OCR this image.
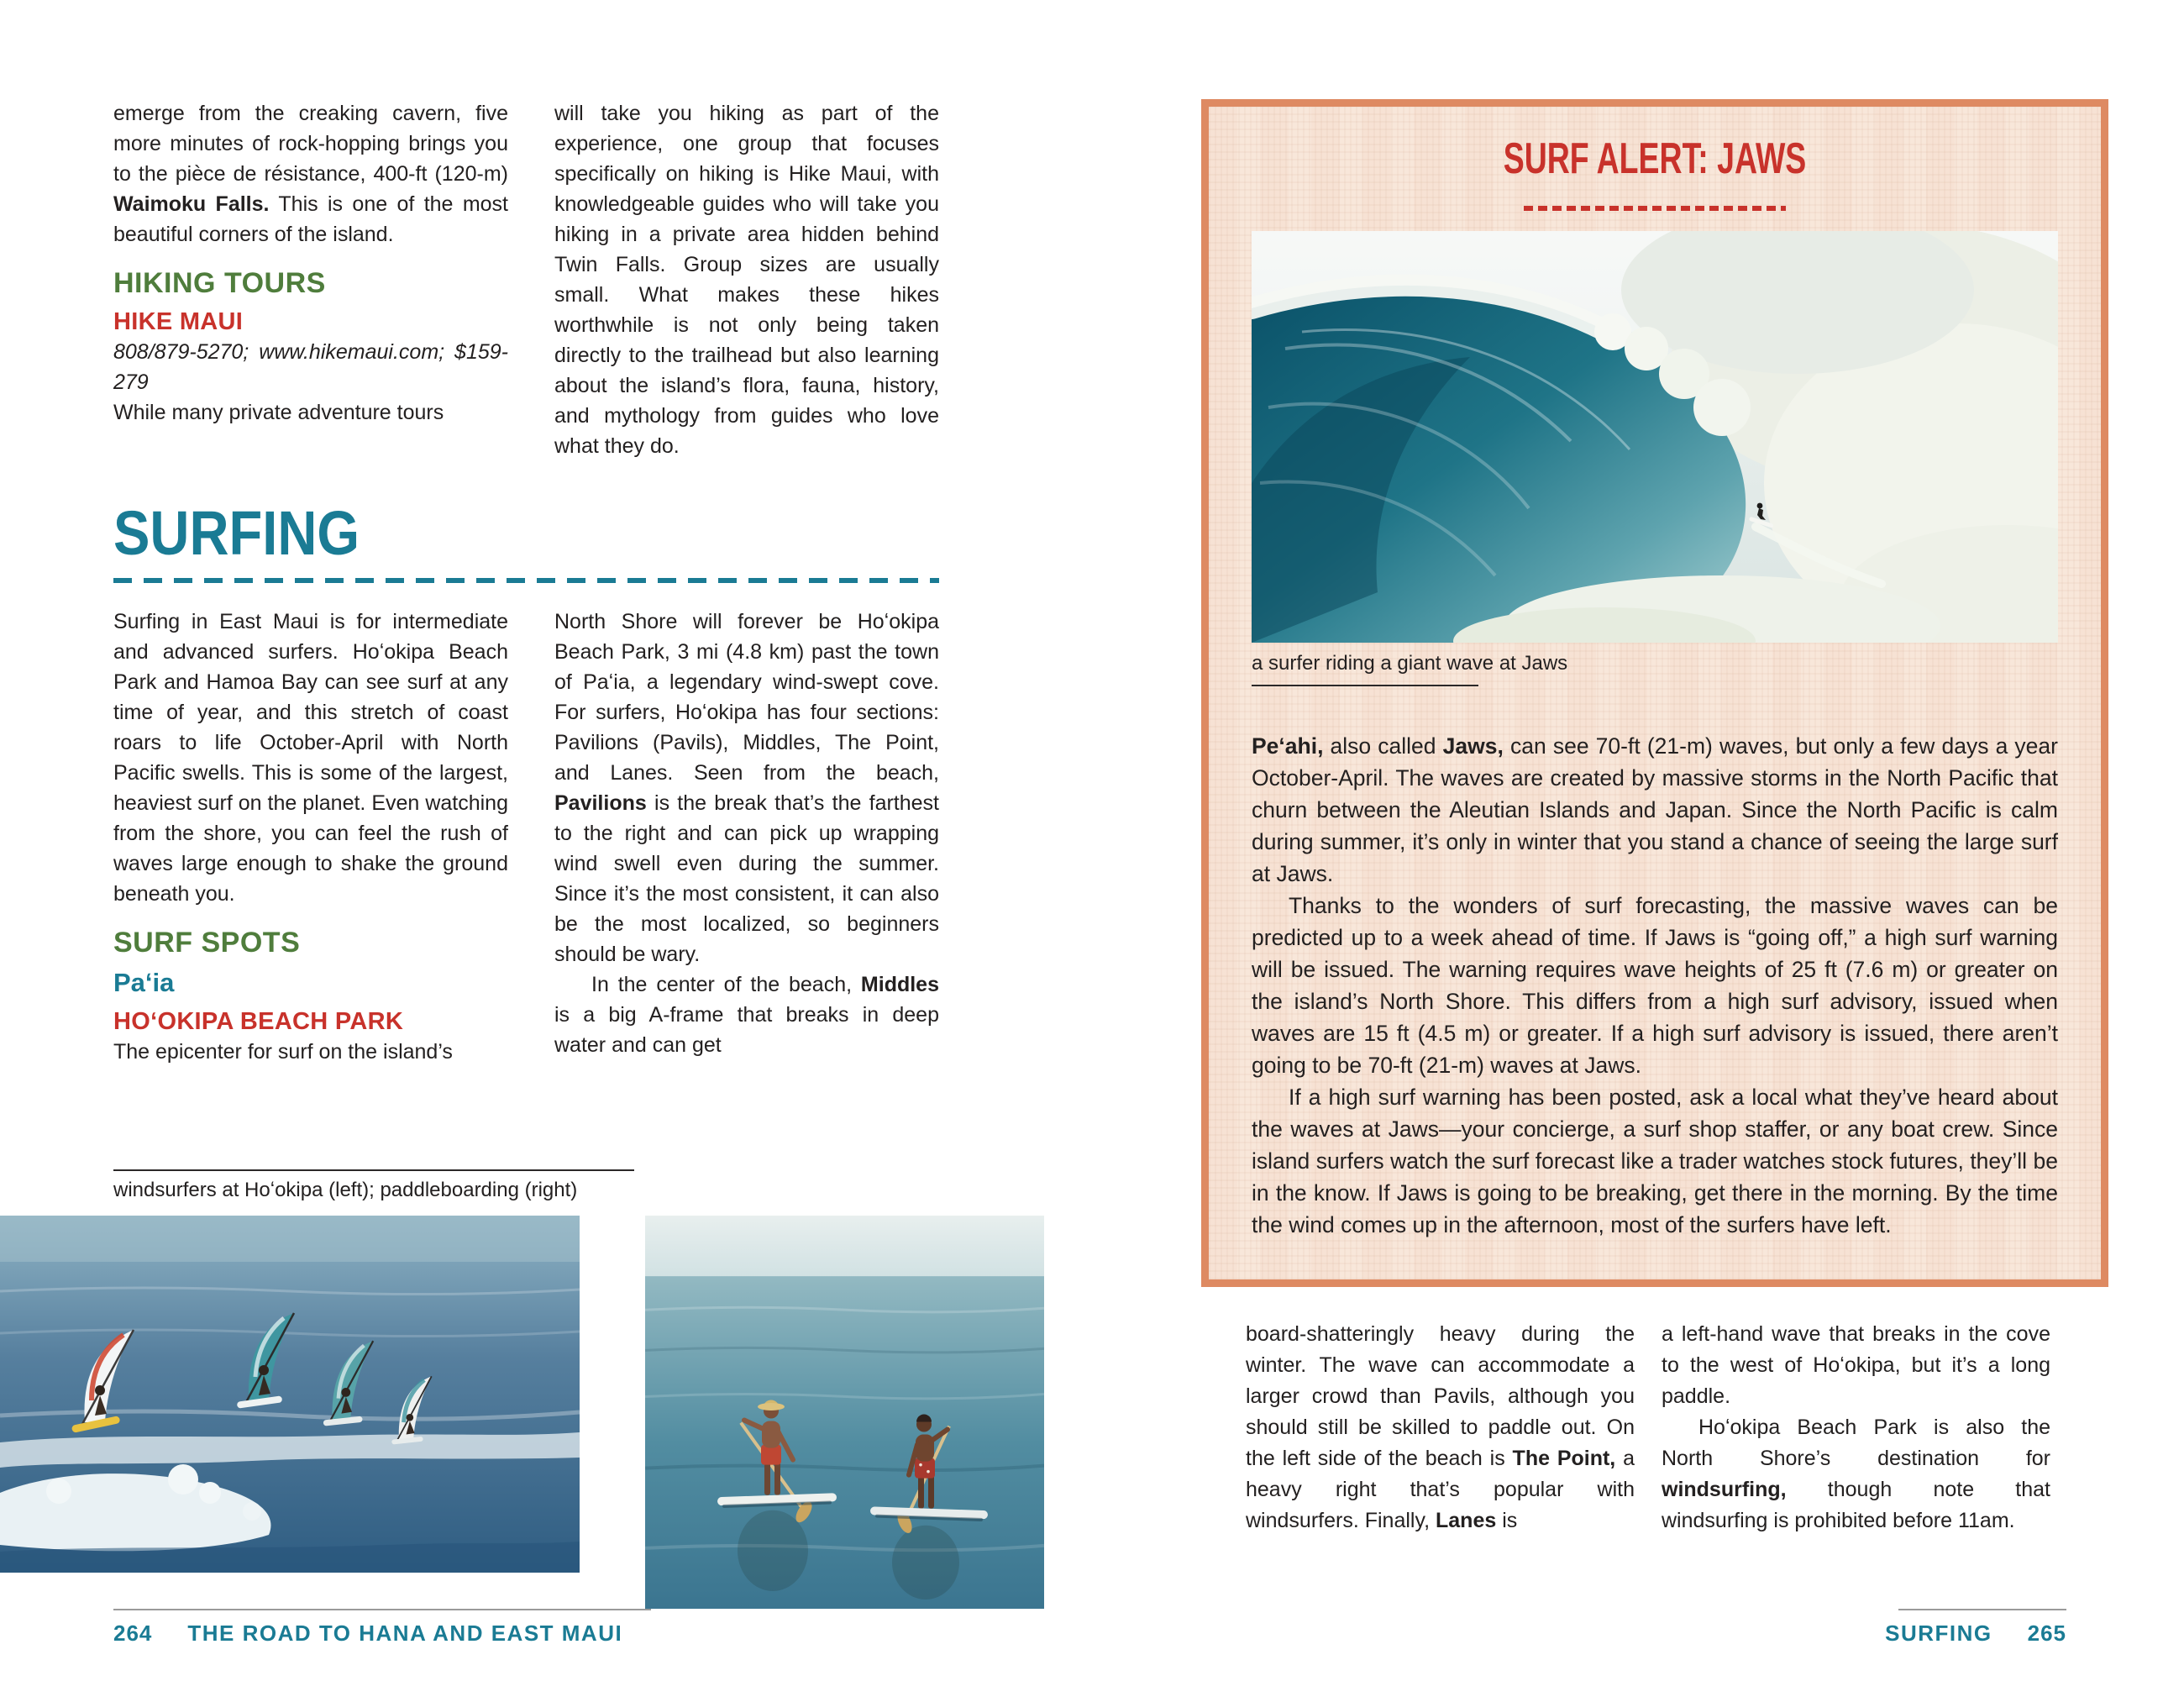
emerge from the creaking cavern, five more minutes of rock-hopping brings you to the pièce de résistance, 400-ft (120-m) Waimoku Falls. This is one of the most beautiful corners of the island.

HIKING TOURS
HIKE MAUI

808/879-5270; www.hikemaui.com; $159-279

While many private adventure tours

will take you hiking as part of the experience, one group that focuses specifically on hiking is Hike Maui, with knowledgeable guides who will take you hiking in a private area hidden behind Twin Falls. Group sizes are usually small. What makes these hikes worthwhile is not only being taken directly to the trailhead but also learning about the island’s flora, fauna, history, and mythology from guides who love what they do.

SURFING

Surfing in East Maui is for intermediate and advanced surfers. Hoʻokipa Beach Park and Hamoa Bay can see surf at any time of year, and this stretch of coast roars to life October-April with North Pacific swells. This is some of the largest, heaviest surf on the planet. Even watching from the shore, you can feel the rush of waves large enough to shake the ground beneath you.

SURF SPOTS
Paʻia
HOʻOKIPA BEACH PARK

The epicenter for surf on the island’s

North Shore will forever be Hoʻokipa Beach Park, 3 mi (4.8 km) past the town of Paʻia, a legendary wind-swept cove. For surfers, Hoʻokipa has four sections: Pavilions (Pavils), Middles, The Point, and Lanes. Seen from the beach, Pavilions is the break that’s the farthest to the right and can pick up wrapping wind swell even during the summer. Since it’s the most consistent, it can also be the most localized, so beginners should be wary.

In the center of the beach, Middles is a big A-frame that breaks in deep water and can get

windsurfers at Hoʻokipa (left); paddleboarding (right)
264 THE ROAD TO HANA AND EAST MAUI
SURF ALERT: JAWS
a surfer riding a giant wave at Jaws

Peʻahi, also called Jaws, can see 70-ft (21-m) waves, but only a few days a year October-April. The waves are created by massive storms in the North Pacific that churn between the Aleutian Islands and Japan. Since the North Pacific is calm during summer, it’s only in winter that you stand a chance of seeing the large surf at Jaws.

Thanks to the wonders of surf forecasting, the massive waves can be predicted up to a week ahead of time. If Jaws is “going off,” a high surf warning will be issued. The warning requires wave heights of 25 ft (7.6 m) or greater on the island’s North Shore. This differs from a high surf advisory, issued when waves are 15 ft (4.5 m) or greater. If a high surf advisory is issued, there aren’t going to be 70-ft (21-m) waves at Jaws.

If a high surf warning has been posted, ask a local what they’ve heard about the waves at Jaws—your concierge, a surf shop staffer, or any boat crew. Since island surfers watch the surf forecast like a trader watches stock futures, they’ll be in the know. If Jaws is going to be breaking, get there in the morning. By the time the wind comes up in the afternoon, most of the surfers have left.

board-shatteringly heavy during the winter. The wave can accommodate a larger crowd than Pavils, although you should still be skilled to paddle out. On the left side of the beach is The Point, a heavy right that’s popular with windsurfers. Finally, Lanes is

a left-hand wave that breaks in the cove to the west of Hoʻokipa, but it’s a long paddle.

Hoʻokipa Beach Park is also the North Shore’s destination for windsurfing, though note that windsurfing is prohibited before 11am.

SURFING 265
